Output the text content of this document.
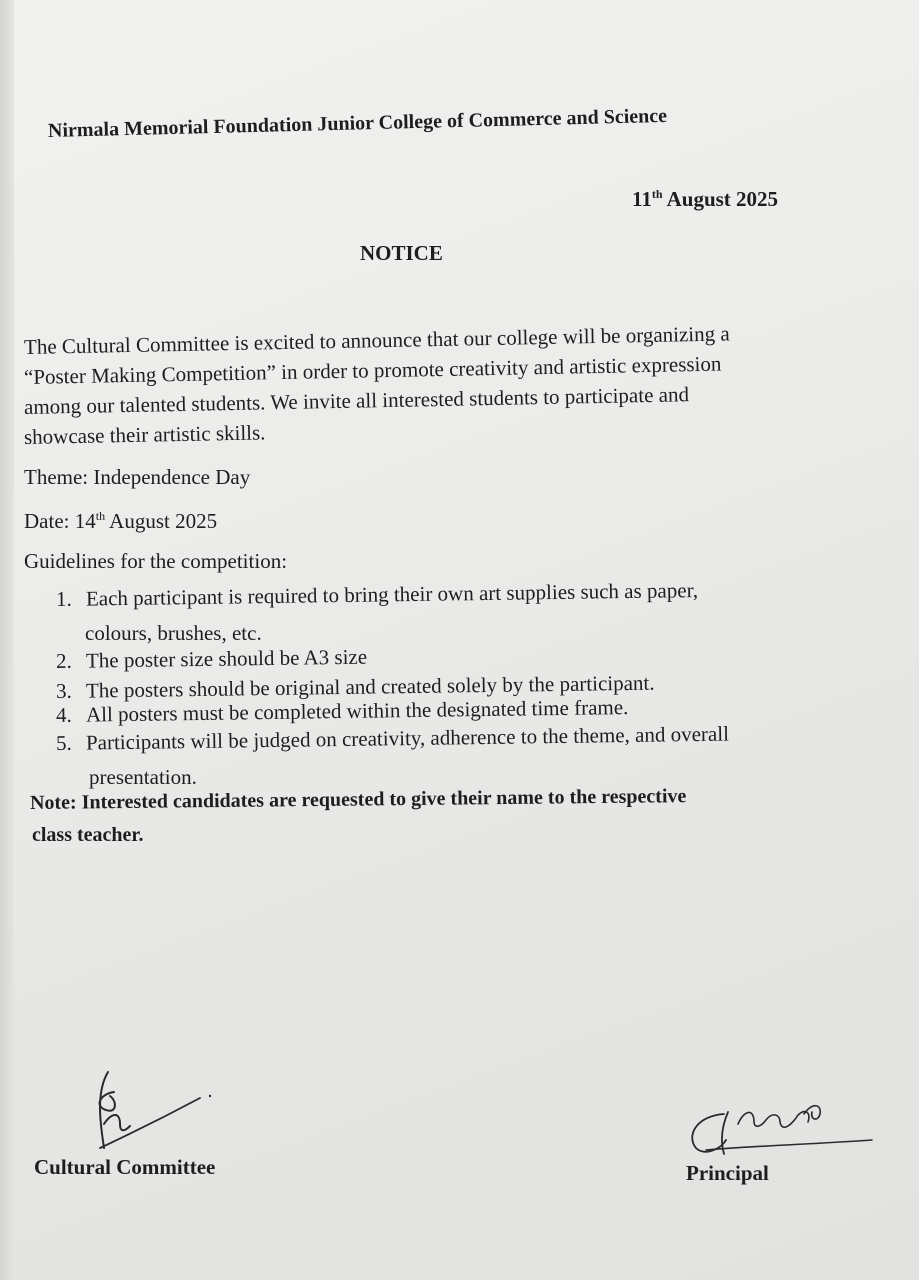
Nirmala Memorial Foundation Junior College of Commerce and Science
11th August 2025
NOTICE
The Cultural Committee is excited to announce that our college will be organizing a
“Poster Making Competition” in order to promote creativity and artistic expression
among our talented students. We invite all interested students to participate and
showcase their artistic skills.
Theme: Independence Day
Date: 14th August 2025
Guidelines for the competition:
1. Each participant is required to bring their own art supplies such as paper,
colours, brushes, etc.
2. The poster size should be A3 size
3. The posters should be original and created solely by the participant.
4. All posters must be completed within the designated time frame.
5. Participants will be judged on creativity, adherence to the theme, and overall
presentation.
Note: Interested candidates are requested to give their name to the respective
class teacher.
Cultural Committee	Principal
